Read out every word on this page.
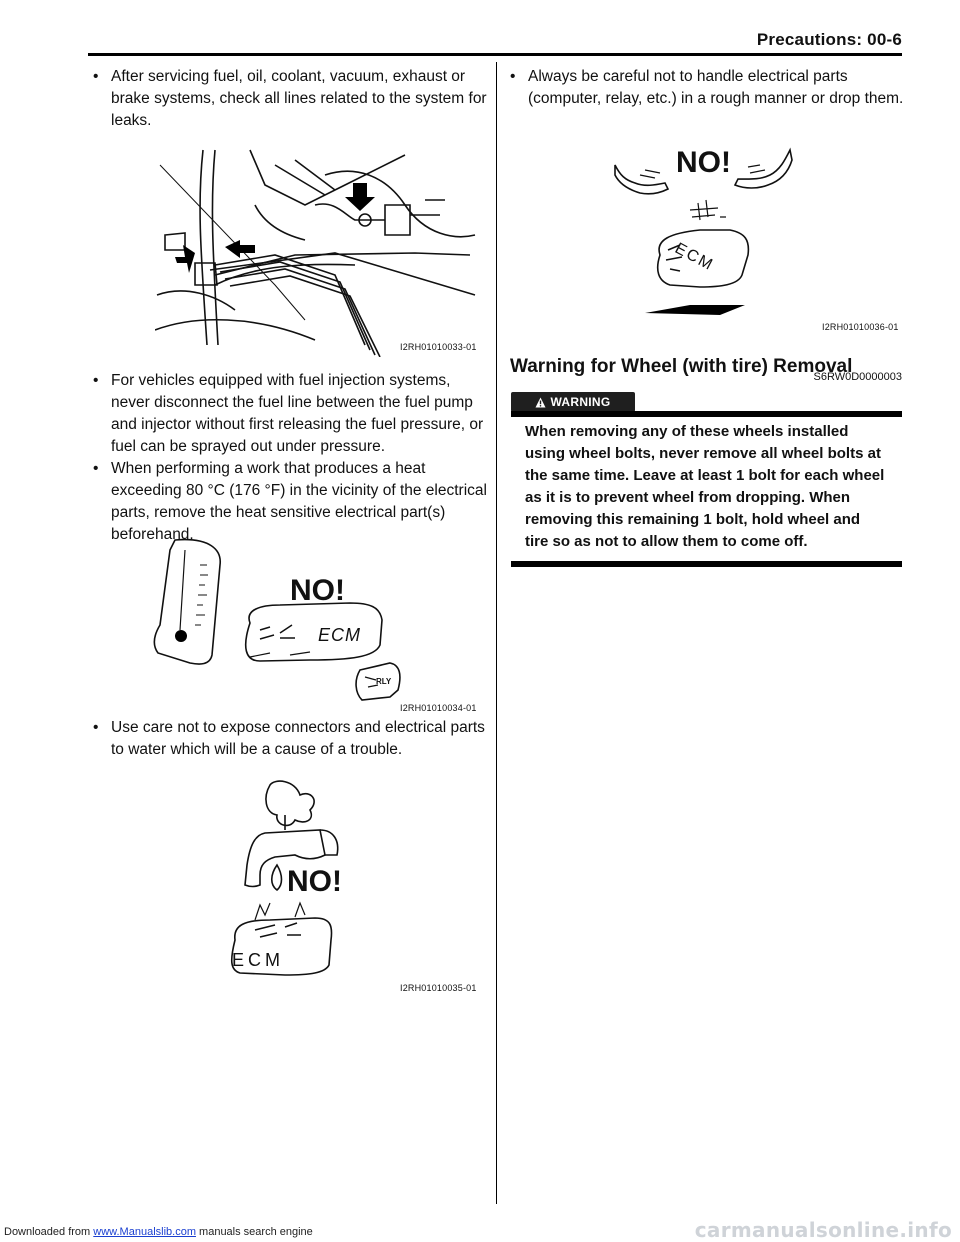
Precautions: 00-6
• After servicing fuel, oil, coolant, vacuum, exhaust or brake systems, check all lines related to the system for leaks.
I2RH01010033-01
• For vehicles equipped with fuel injection systems, never disconnect the fuel line between the fuel pump and injector without first releasing the fuel pressure, or fuel can be sprayed out under pressure.
• When performing a work that produces a heat exceeding 80 °C (176 °F) in the vicinity of the electrical parts, remove the heat sensitive electrical part(s) beforehand.
NO!
ECM
RLY
I2RH01010034-01
• Use care not to expose connectors and electrical parts to water which will be a cause of a trouble.
NO!
ECM
I2RH01010035-01
• Always be careful not to handle electrical parts (computer, relay, etc.) in a rough manner or drop them.
NO!
ECM
I2RH01010036-01
Warning for Wheel (with tire) Removal
S6RW0D0000003
WARNING
When removing any of these wheels installed using wheel bolts, never remove all wheel bolts at the same time. Leave at least 1 bolt for each wheel as it is to prevent wheel from dropping. When removing this remaining 1 bolt, hold wheel and tire so as not to allow them to come off.
Downloaded from www.Manualslib.com manuals search engine	carmanualsonline.info
